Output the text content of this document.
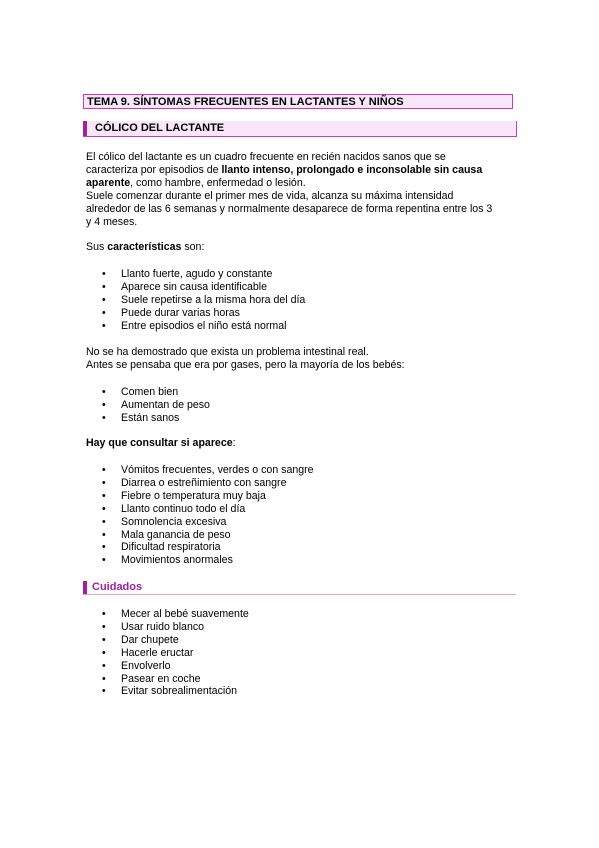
TEMA 9. SÍNTOMAS FRECUENTES EN LACTANTES Y NIÑOS
CÓLICO DEL LACTANTE
El cólico del lactante es un cuadro frecuente en recién nacidos sanos que se
caracteriza por episodios de llanto intenso, prolongado e inconsolable sin causa
aparente, como hambre, enfermedad o lesión.
Suele comenzar durante el primer mes de vida, alcanza su máxima intensidad
alrededor de las 6 semanas y normalmente desaparece de forma repentina entre los 3
y 4 meses.
Sus características son:
• Llanto fuerte, agudo y constante
• Aparece sin causa identificable
• Suele repetirse a la misma hora del día
• Puede durar varias horas
• Entre episodios el niño está normal
No se ha demostrado que exista un problema intestinal real.
Antes se pensaba que era por gases, pero la mayoría de los bebés:
• Comen bien
• Aumentan de peso
• Están sanos
Hay que consultar si aparece:
• Vómitos frecuentes, verdes o con sangre
• Diarrea o estreñimiento con sangre
• Fiebre o temperatura muy baja
• Llanto continuo todo el día
• Somnolencia excesiva
• Mala ganancia de peso
• Dificultad respiratoria
• Movimientos anormales
Cuidados
• Mecer al bebé suavemente
• Usar ruido blanco
• Dar chupete
• Hacerle eructar
• Envolverlo
• Pasear en coche
• Evitar sobrealimentación
